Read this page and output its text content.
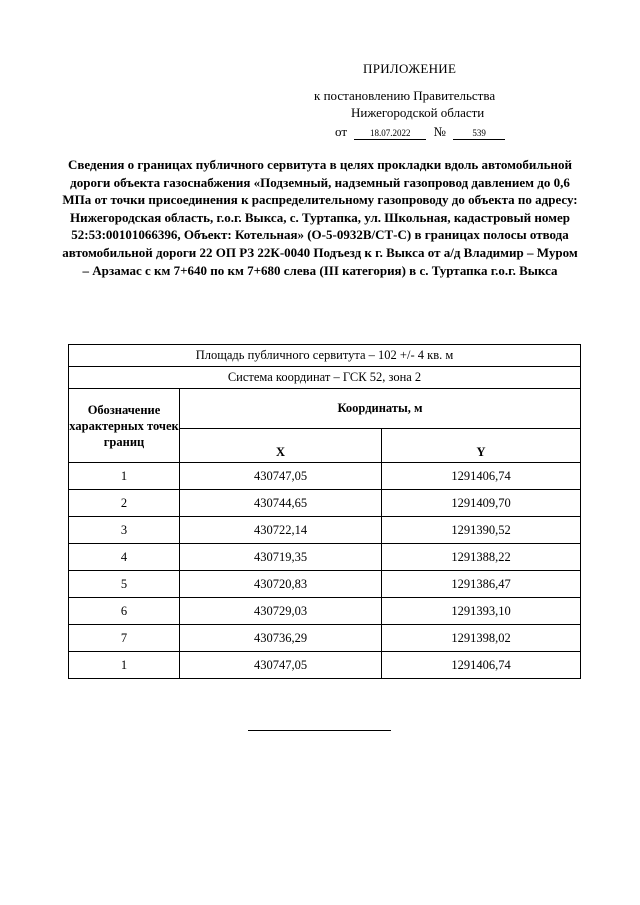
ПРИЛОЖЕНИЕ
к постановлению Правительства
Нижегородской области
от	18.07.2022 №	539
Сведения о границах публичного сервитута в целях прокладки вдоль автомобильной дороги объекта газоснабжения «Подземный, надземный газопровод давлением до 0,6 МПа от точки присоединения к распределительному газопроводу до объекта по адресу: Нижегородская область, г.о.г. Выкса, с. Туртапка, ул. Школьная, кадастровый номер 52:53:00101066396, Объект: Котельная» (О-5-0932В/СТ-С) в границах полосы отвода автомобильной дороги 22 ОП РЗ 22К-0040 Подъезд к г. Выкса от а/д Владимир – Муром – Арзамас с км 7+640 по км 7+680 слева (III категория) в с. Туртапка г.о.г. Выкса
Площадь публичного сервитута – 102 +/- 4 кв. м		
Система координат – ГСК 52, зона 2		
Обозначение характерных точек границ	Координаты, м	
	X	Y
1	430747,05	1291406,74
2	430744,65	1291409,70
3	430722,14	1291390,52
4	430719,35	1291388,22
5	430720,83	1291386,47
6	430729,03	1291393,10
7	430736,29	1291398,02
1	430747,05	1291406,74
